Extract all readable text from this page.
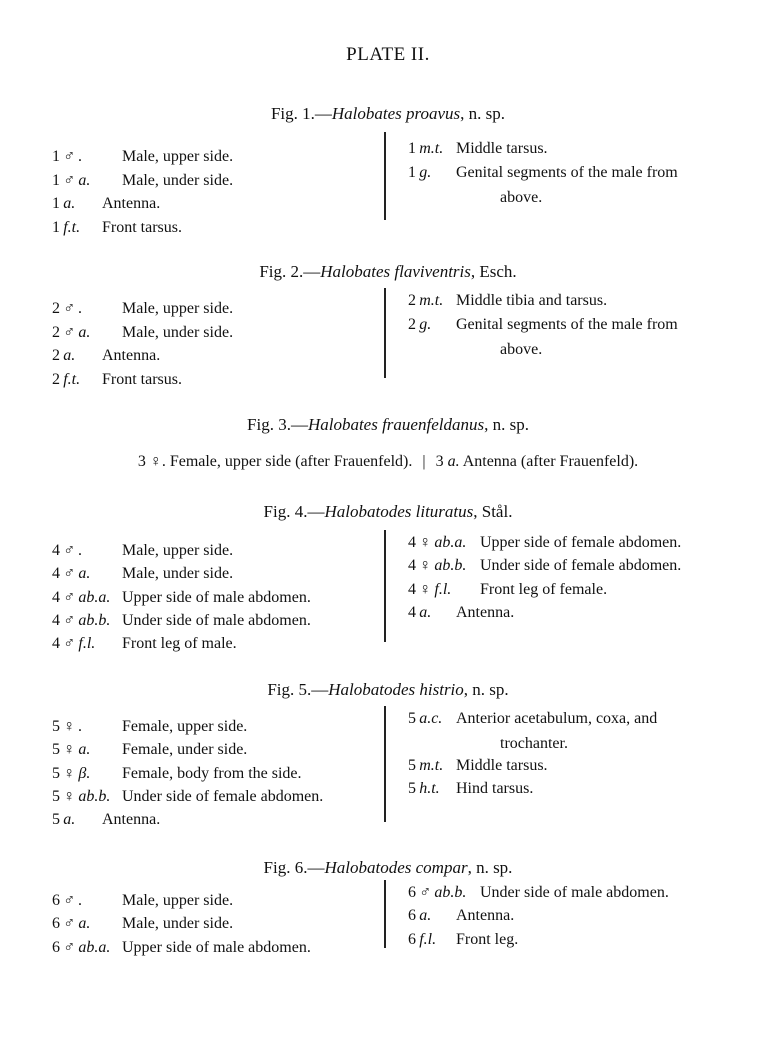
PLATE II.
Fig. 1.—Halobates proavus, n. sp.
1  ♂  . Male, upper side.
1  ♂  a. Male, under side.
1  a. Antenna.
1  f.t. Front tarsus.
1  m.t. Middle tarsus.
1  g. Genital segments of the male from
above.
Fig. 2.—Halobates flaviventris, Esch.
2  ♂  . Male, upper side.
2  ♂  a. Male, under side.
2  a. Antenna.
2  f.t. Front tarsus.
2  m.t. Middle tibia and tarsus.
2  g. Genital segments of the male from
above.
Fig. 3.—Halobates frauenfeldanus, n. sp.
3 ♀. Female, upper side (after Frauenfeld). | 3 a. Antenna (after Frauenfeld).
Fig. 4.—Halobatodes lituratus, Stål.
4  ♂  . Male, upper side.
4  ♂  a. Male, under side.
4  ♂  ab.a. Upper side of male abdomen.
4  ♂  ab.b. Under side of male abdomen.
4  ♂  f.l. Front leg of male.
4  ♀  ab.a. Upper side of female abdomen.
4  ♀  ab.b. Under side of female abdomen.
4  ♀  f.l. Front leg of female.
4  a. Antenna.
Fig. 5.—Halobatodes histrio, n. sp.
5  ♀  . Female, upper side.
5  ♀  a. Female, under side.
5  ♀  β. Female, body from the side.
5  ♀  ab.b. Under side of female abdomen.
5  a. Antenna.
5  a.c. Anterior acetabulum, coxa, and
trochanter.
5  m.t. Middle tarsus.
5  h.t. Hind tarsus.
Fig. 6.—Halobatodes compar, n. sp.
6  ♂  . Male, upper side.
6  ♂  a. Male, under side.
6  ♂  ab.a. Upper side of male abdomen.
6  ♂  ab.b. Under side of male abdomen.
6  a. Antenna.
6  f.l. Front leg.
